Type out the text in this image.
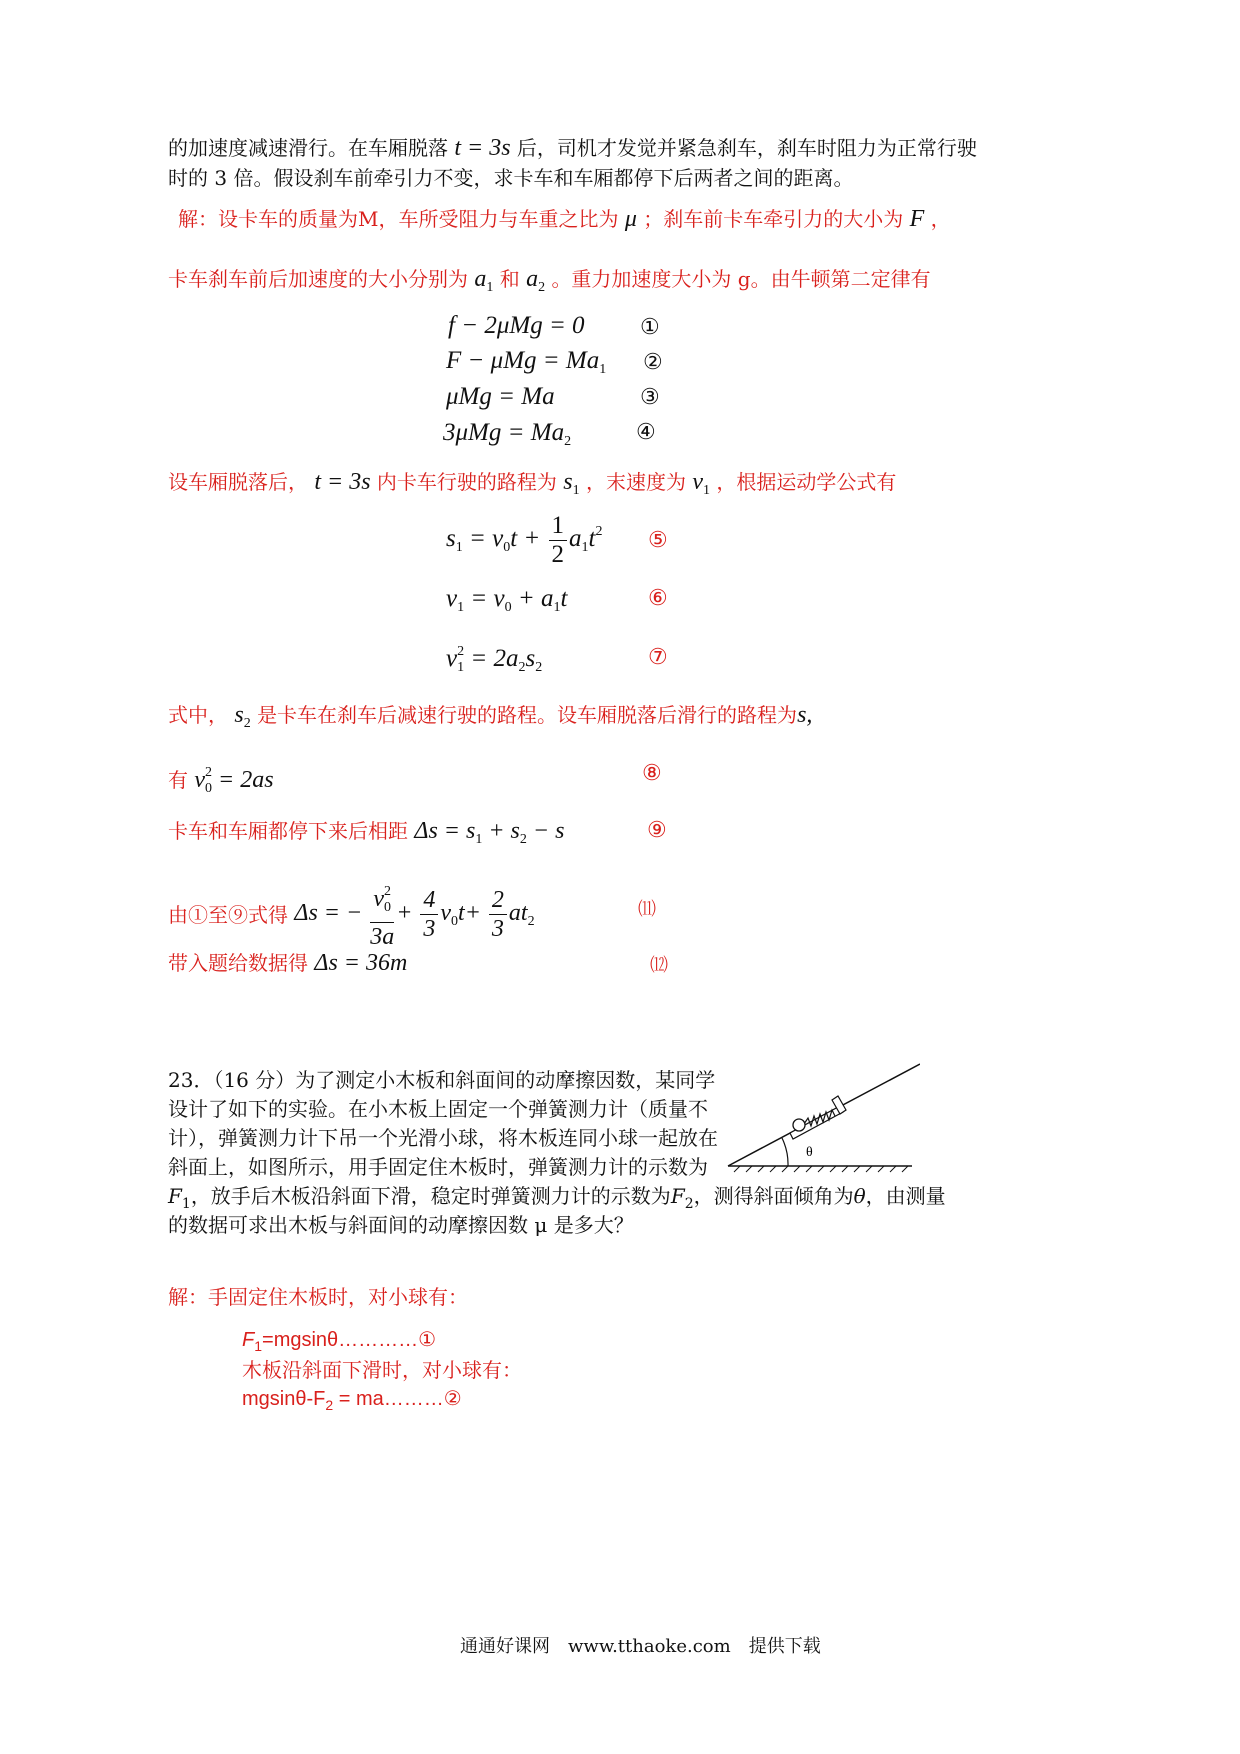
的加速度减速滑行。在车厢脱落 t = 3s 后，司机才发觉并紧急刹车，刹车时阻力为正常行驶
时的 3 倍。假设刹车前牵引力不变，求卡车和车厢都停下后两者之间的距离。
解：设卡车的质量为M，车所受阻力与车重之比为 μ ；刹车前卡车牵引力的大小为 F ，
卡车刹车前后加速度的大小分别为 $a_1$ 和 $a_2$ 。重力加速度大小为 g。由牛顿第二定律有
f − 2μMg = 0
$F - \mu Mg = Ma_1$
μMg = Ma
$3\mu Mg = Ma_2$
①
②
③
④
设车厢脱落后， t = 3s 内卡车行驶的路程为 $s_1$ ，末速度为 $v_1$ ，根据运动学公式有
$s_1 = v_0t + \frac{1}{2} a_1t^2$ ⑤
$v_1 = v_0 + a_1t$	⑥
$v^2_1 = 2a_2s_2$	⑦
式中， $s_2$ 是卡车在刹车后减速行驶的路程。设车厢脱落后滑行的路程为s,
有 $v^2_0 = 2as$	⑧
卡车和车厢都停下来后相距 $\Delta s = s_1 + s_2 - s$	⑨
由①至⑨式得 Δs = − $\frac{v^2_0}{3a} + \frac{4}{3} v_0t+ \frac{2}{3} at_2$
⑾
带入题给数据得 Δs = 36m	⑿
23．（16 分）为了测定小木板和斜面间的动摩擦因数，某同学
设计了如下的实验。在小木板上固定一个弹簧测力计（质量不
计），弹簧测力计下吊一个光滑小球，将木板连同小球一起放在
斜面上，如图所示，用手固定住木板时，弹簧测力计的示数为
$F_1$，放手后木板沿斜面下滑，稳定时弹簧测力计的示数为$F_2$，测得斜面倾角为θ，由测量
的数据可求出木板与斜面间的动摩擦因数 μ 是多大？
θ
解：手固定住木板时，对小球有：
$F_1=mgsin\theta\dots\dots\dots\dots ①$
木板沿斜面下滑时，对小球有：
mgsinθ-$F_2$ = ma………②
通通好课网　www.tthaoke.com　提供下载
